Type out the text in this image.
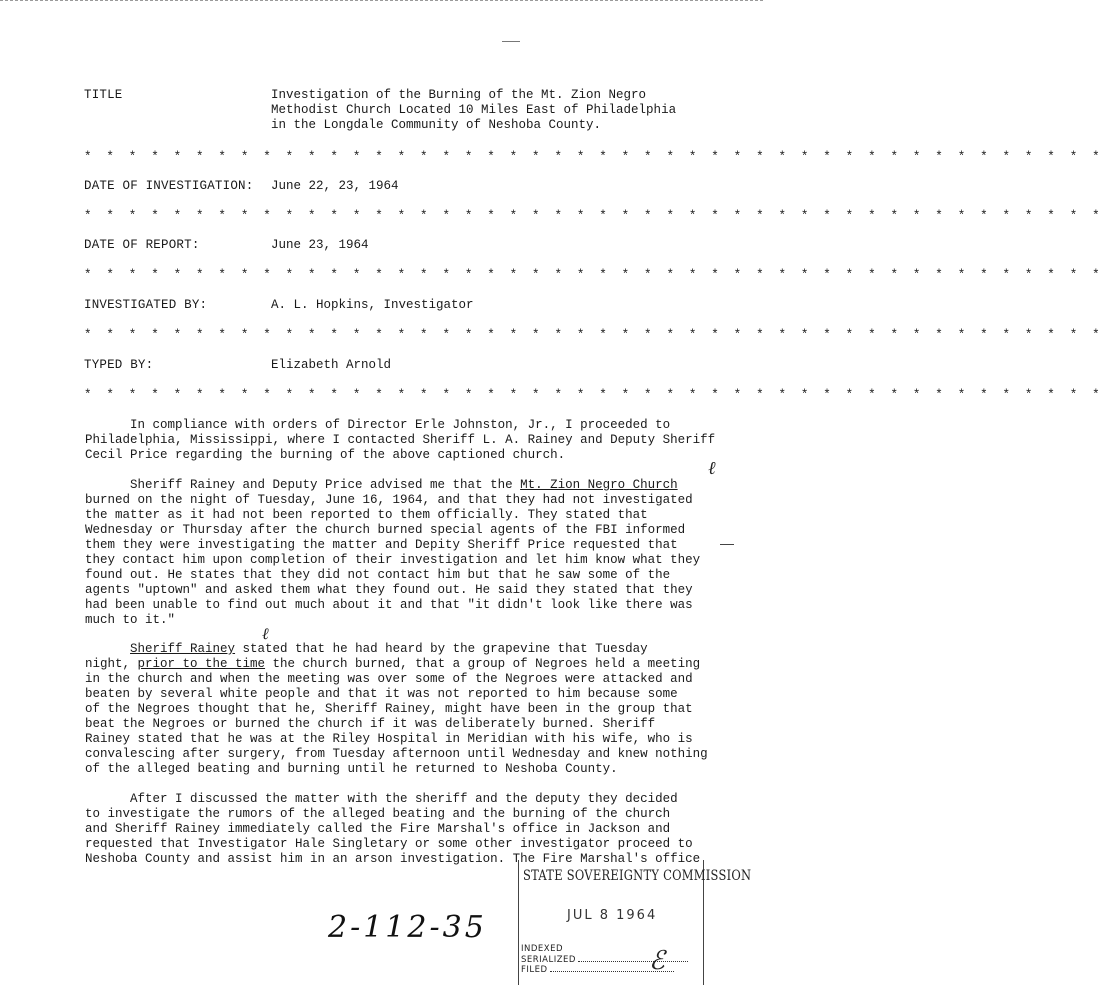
TITLE	Investigation of the Burning of the Mt. Zion Negro
Methodist Church Located 10 Miles East of Philadelphia
in the Longdale Community of Neshoba County.
* * * * * * * * * * * * * * * * * * * * * * * * * * * * * * * * * * * * * * * * * * * * * *
DATE OF INVESTIGATION: June 22, 23, 1964
* * * * * * * * * * * * * * * * * * * * * * * * * * * * * * * * * * * * * * * * * * * * * *
DATE OF REPORT:	June 23, 1964
* * * * * * * * * * * * * * * * * * * * * * * * * * * * * * * * * * * * * * * * * * * * * *
INVESTIGATED BY:	A. L. Hopkins, Investigator
* * * * * * * * * * * * * * * * * * * * * * * * * * * * * * * * * * * * * * * * * * * * * *
TYPED BY:	Elizabeth Arnold
* * * * * * * * * * * * * * * * * * * * * * * * * * * * * * * * * * * * * * * * * * * * * *
In compliance with orders of Director Erle Johnston, Jr., I proceeded to
Philadelphia, Mississippi, where I contacted Sheriff L. A. Rainey and Deputy Sheriff
Cecil Price regarding the burning of the above captioned church.
Sheriff Rainey and Deputy Price advised me that the Mt. Zion Negro Church
burned on the night of Tuesday, June 16, 1964, and that they had not investigated
the matter as it had not been reported to them officially. They stated that
Wednesday or Thursday after the church burned special agents of the FBI informed
them they were investigating the matter and Depity Sheriff Price requested that
they contact him upon completion of their investigation and let him know what they
found out. He states that they did not contact him but that he saw some of the
agents "uptown" and asked them what they found out. He said they stated that they
had been unable to find out much about it and that "it didn't look like there was
much to it."
Sheriff Rainey stated that he had heard by the grapevine that Tuesday
night, prior to the time the church burned, that a group of Negroes held a meeting
in the church and when the meeting was over some of the Negroes were attacked and
beaten by several white people and that it was not reported to him because some
of the Negroes thought that he, Sheriff Rainey, might have been in the group that
beat the Negroes or burned the church if it was deliberately burned. Sheriff
Rainey stated that he was at the Riley Hospital in Meridian with his wife, who is
convalescing after surgery, from Tuesday afternoon until Wednesday and knew nothing
of the alleged beating and burning until he returned to Neshoba County.
After I discussed the matter with the sheriff and the deputy they decided
to investigate the rumors of the alleged beating and the burning of the church
and Sheriff Rainey immediately called the Fire Marshal's office in Jackson and
requested that Investigator Hale Singletary or some other investigator proceed to
Neshoba County and assist him in an arson investigation. The Fire Marshal's office
ℓ
ℓ
2-112-35
STATE SOVEREIGNTY COMMISSION
JUL 8 1964
INDEXED
SERIALIZED
FILED	ℰ
